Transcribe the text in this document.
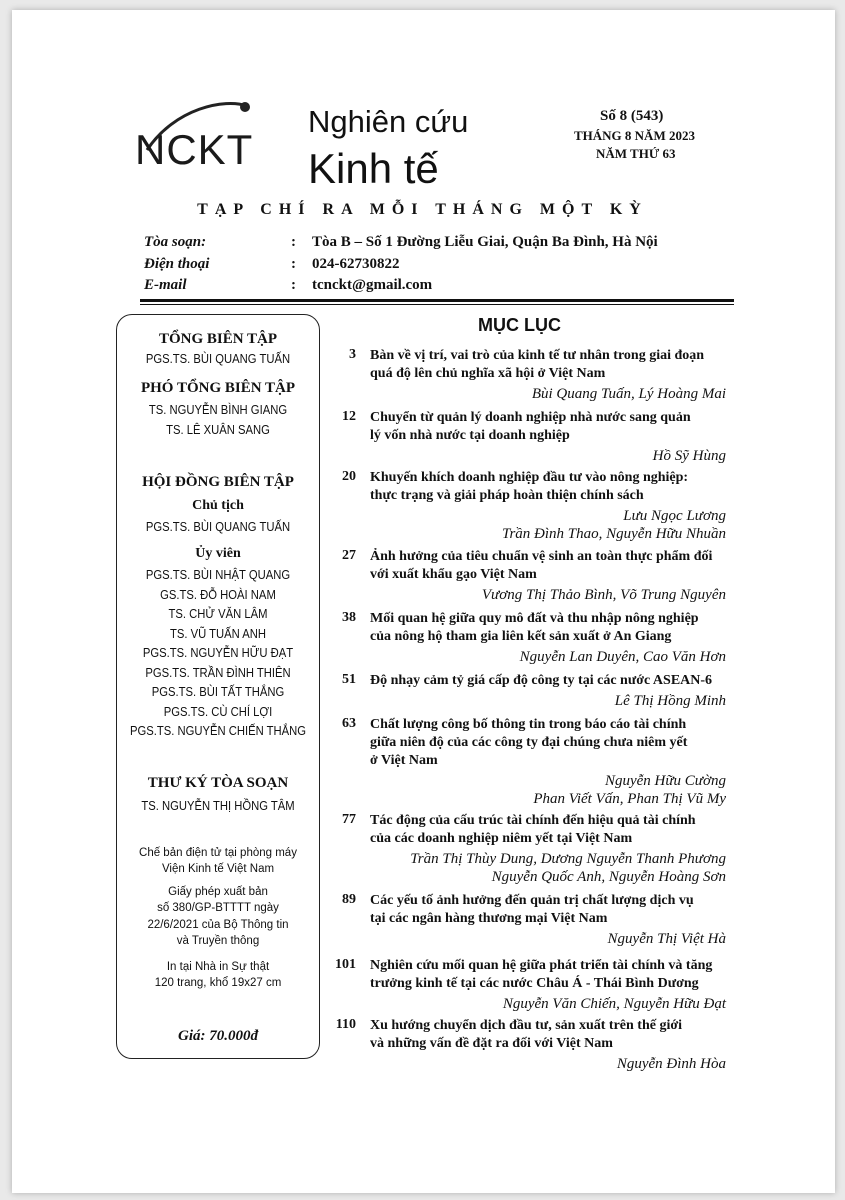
NCKT
Nghiên cứu
Kinh tế
Số 8 (543)
THÁNG 8 NĂM 2023
NĂM THỨ 63
TẠP CHÍ RA MỖI THÁNG MỘT KỲ
Tòa soạn:	: Tòa B – Số 1 Đường Liễu Giai, Quận Ba Đình, Hà Nội
Điện thoại	: 024-62730822
E-mail	: tcnckt@gmail.com
TỔNG BIÊN TẬP
PGS.TS. BÙI QUANG TUẤN
PHÓ TỔNG BIÊN TẬP
TS. NGUYỄN BÌNH GIANG
TS. LÊ XUÂN SANG
HỘI ĐỒNG BIÊN TẬP
Chủ tịch
PGS.TS. BÙI QUANG TUẤN
Ủy viên
PGS.TS. BÙI NHẬT QUANG
GS.TS. ĐỖ HOÀI NAM
TS. CHỬ VĂN LÂM
TS. VŨ TUẤN ANH
PGS.TS. NGUYỄN HỮU ĐẠT
PGS.TS. TRẦN ĐÌNH THIÊN
PGS.TS. BÙI TẤT THẮNG
PGS.TS. CÙ CHÍ LỢI
PGS.TS. NGUYỄN CHIẾN THẮNG
THƯ KÝ TÒA SOẠN
TS. NGUYỄN THỊ HỒNG TÂM
Chế bản điện tử tại phòng máy
Viện Kinh tế Việt Nam
Giấy phép xuất bản
số 380/GP-BTTTT ngày
22/6/2021 của Bộ Thông tin
và Truyền thông
In tại Nhà in Sự thật
120 trang, khổ 19x27 cm
Giá: 70.000đ
MỤC LỤC
3 Bàn về vị trí, vai trò của kinh tế tư nhân trong giai đoạn
quá độ lên chủ nghĩa xã hội ở Việt Nam
Bùi Quang Tuấn, Lý Hoàng Mai
12 Chuyển từ quản lý doanh nghiệp nhà nước sang quản
lý vốn nhà nước tại doanh nghiệp
Hồ Sỹ Hùng
20 Khuyến khích doanh nghiệp đầu tư vào nông nghiệp:
thực trạng và giải pháp hoàn thiện chính sách
Lưu Ngọc Lương
Trần Đình Thao, Nguyễn Hữu Nhuần
27 Ảnh hưởng của tiêu chuẩn vệ sinh an toàn thực phẩm đối
với xuất khẩu gạo Việt Nam
Vương Thị Thảo Bình, Võ Trung Nguyên
38 Mối quan hệ giữa quy mô đất và thu nhập nông nghiệp
của nông hộ tham gia liên kết sản xuất ở An Giang
Nguyễn Lan Duyên, Cao Văn Hơn
51 Độ nhạy cảm tỷ giá cấp độ công ty tại các nước ASEAN-6
Lê Thị Hồng Minh
63 Chất lượng công bố thông tin trong báo cáo tài chính
giữa niên độ của các công ty đại chúng chưa niêm yết
ở Việt Nam
Nguyễn Hữu Cường
Phan Viết Vấn, Phan Thị Vũ My
77 Tác động của cấu trúc tài chính đến hiệu quả tài chính
của các doanh nghiệp niêm yết tại Việt Nam
Trần Thị Thùy Dung, Dương Nguyễn Thanh Phương
Nguyễn Quốc Anh, Nguyễn Hoàng Sơn
89 Các yếu tố ảnh hưởng đến quản trị chất lượng dịch vụ
tại các ngân hàng thương mại Việt Nam
Nguyễn Thị Việt Hà
101 Nghiên cứu mối quan hệ giữa phát triển tài chính và tăng
trưởng kinh tế tại các nước Châu Á - Thái Bình Dương
Nguyễn Văn Chiến, Nguyễn Hữu Đạt
110 Xu hướng chuyển dịch đầu tư, sản xuất trên thế giới
và những vấn đề đặt ra đối với Việt Nam
Nguyễn Đình Hòa
